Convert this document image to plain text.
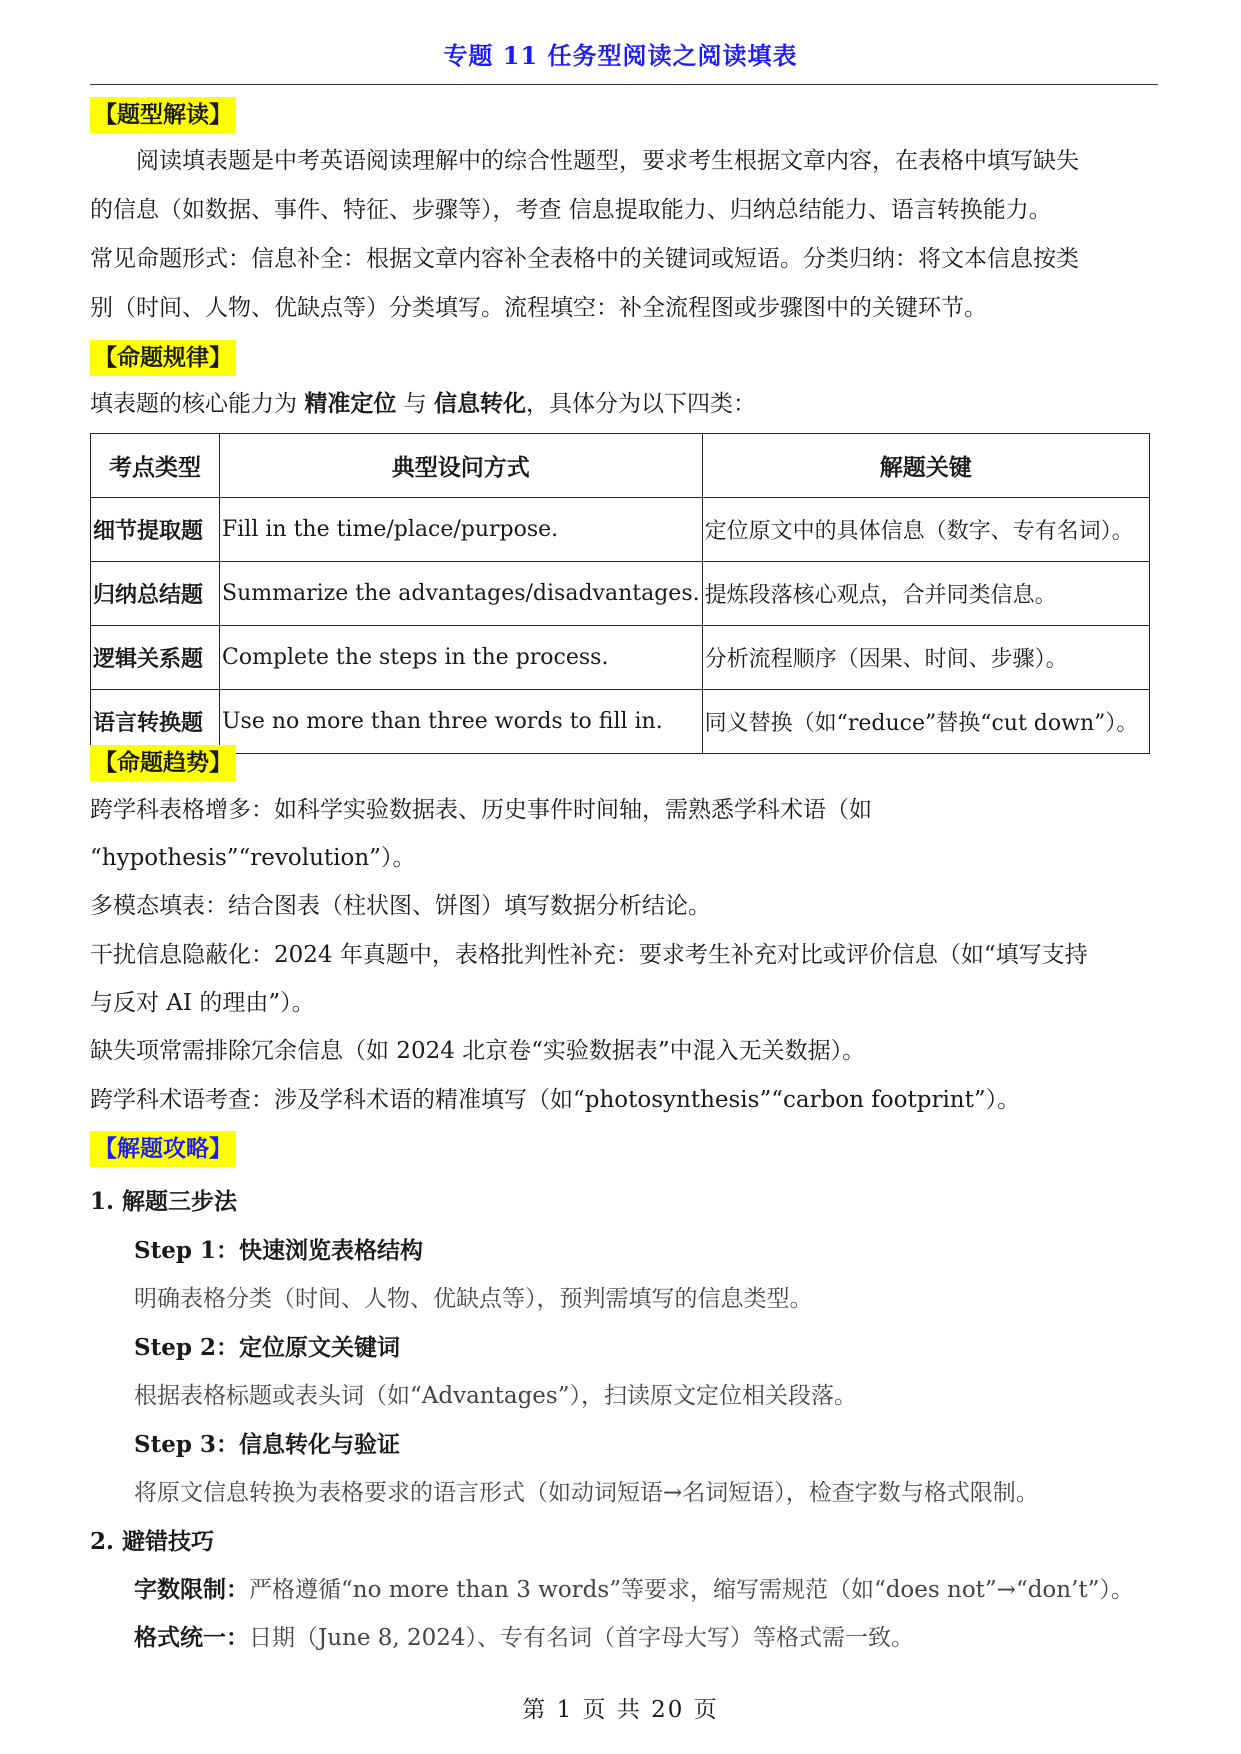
专题 11 任务型阅读之阅读填表
【题型解读】
阅读填表题是中考英语阅读理解中的综合性题型，要求考生根据文章内容，在表格中填写缺失
的信息（如数据、事件、特征、步骤等），考查 信息提取能力、归纳总结能力、语言转换能力。
常见命题形式：信息补全：根据文章内容补全表格中的关键词或短语。分类归纳：将文本信息按类
别（时间、人物、优缺点等）分类填写。流程填空：补全流程图或步骤图中的关键环节。
【命题规律】
填表题的核心能力为 精准定位 与 信息转化，具体分为以下四类：
考点类型	典型设问方式	解题关键
细节提取题	Fill in the time/place/purpose.	定位原文中的具体信息（数字、专有名词）。
归纳总结题	Summarize the advantages/disadvantages.	提炼段落核心观点，合并同类信息。
逻辑关系题	Complete the steps in the process.	分析流程顺序（因果、时间、步骤）。
语言转换题	Use no more than three words to fill in.	同义替换（如“reduce”替换“cut down”）。
【命题趋势】
跨学科表格增多：如科学实验数据表、历史事件时间轴，需熟悉学科术语（如
“hypothesis”“revolution”）。
多模态填表：结合图表（柱状图、饼图）填写数据分析结论。
干扰信息隐蔽化：2024 年真题中，表格批判性补充：要求考生补充对比或评价信息（如“填写支持
与反对 AI 的理由”）。
缺失项常需排除冗余信息（如 2024 北京卷“实验数据表”中混入无关数据）。
跨学科术语考查：涉及学科术语的精准填写（如“photosynthesis”“carbon footprint”）。
【解题攻略】
1. 解题三步法
Step 1：快速浏览表格结构
明确表格分类（时间、人物、优缺点等），预判需填写的信息类型。
Step 2：定位原文关键词
根据表格标题或表头词（如“Advantages”），扫读原文定位相关段落。
Step 3：信息转化与验证
将原文信息转换为表格要求的语言形式（如动词短语→名词短语），检查字数与格式限制。
2. 避错技巧
字数限制：严格遵循“no more than 3 words”等要求，缩写需规范（如“does not”→“don’t”）。
格式统一：日期（June 8, 2024）、专有名词（首字母大写）等格式需一致。
第 1 页 共 20 页
